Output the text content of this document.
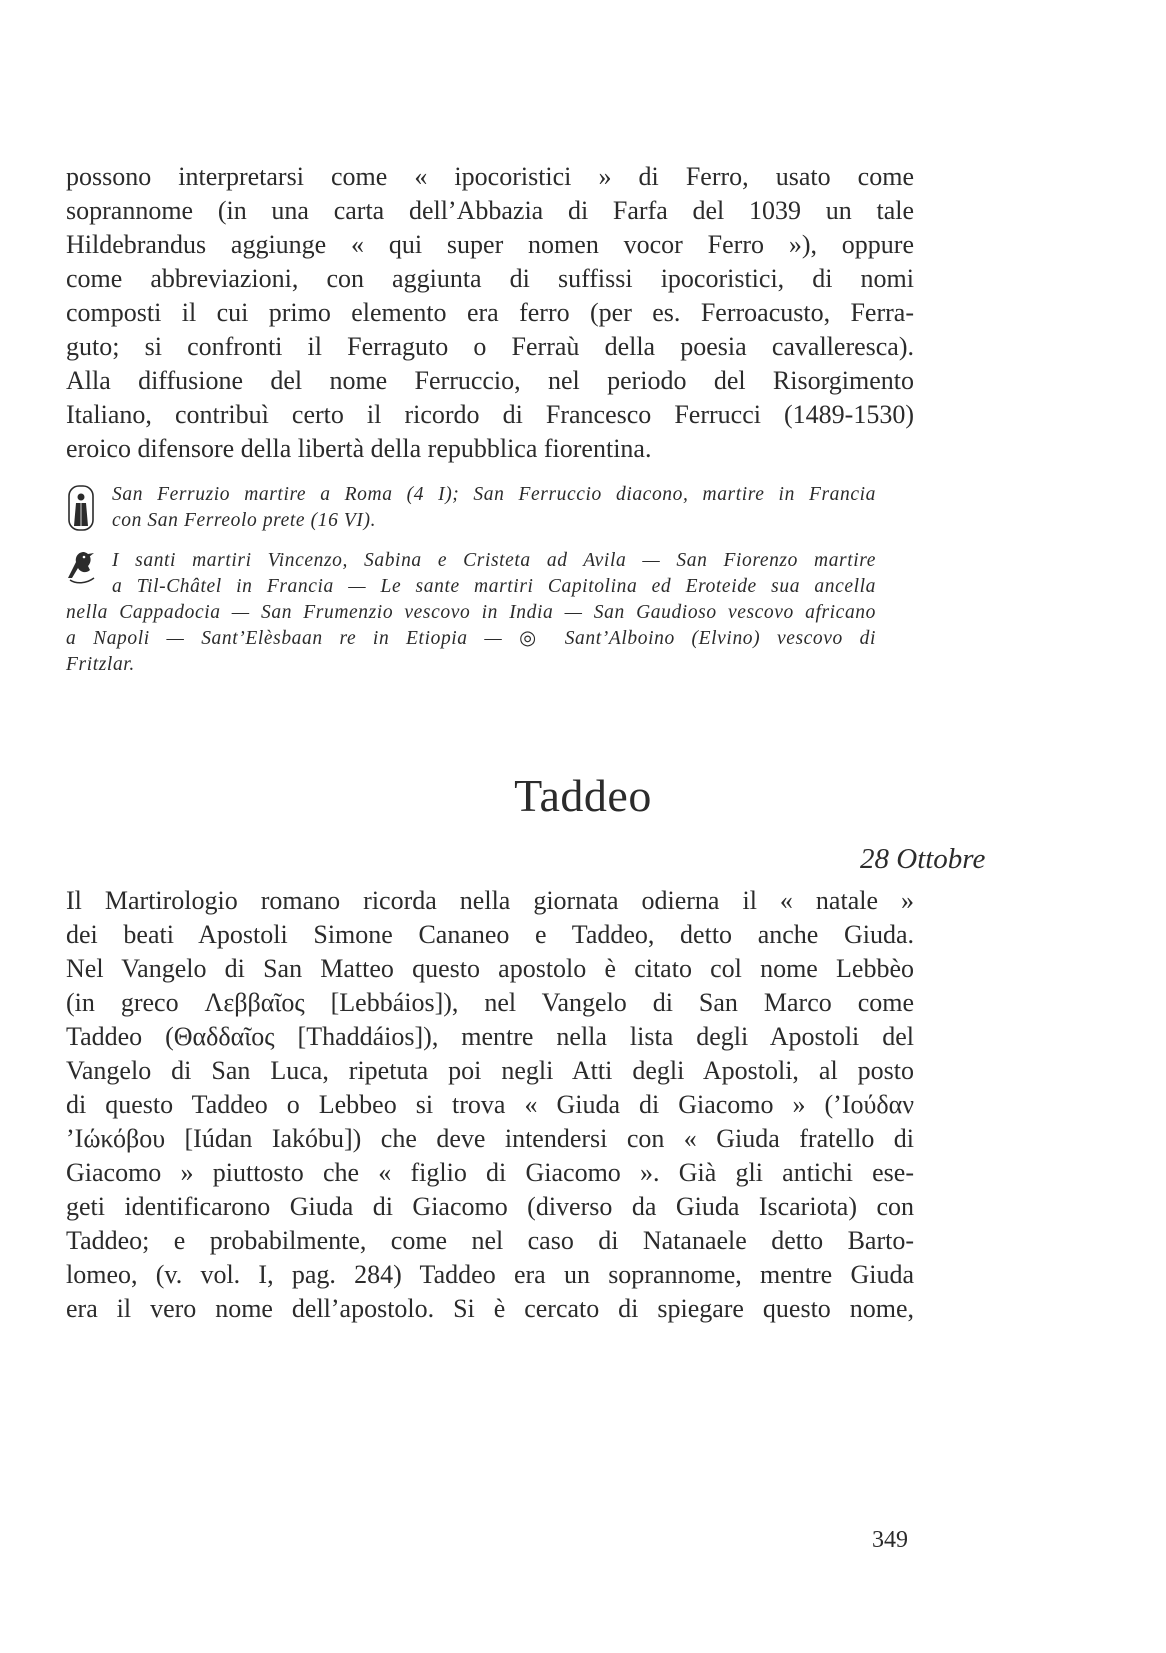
possono interpretarsi come « ipocoristici » di Ferro, usato come
soprannome (in una carta dell’Abbazia di Farfa del 1039 un tale
Hildebrandus aggiunge « qui super nomen vocor Ferro »), oppure
come abbreviazioni, con aggiunta di suffissi ipocoristici, di nomi
composti il cui primo elemento era ferro (per es. Ferroacusto, Ferra-
guto; si confronti il Ferraguto o Ferraù della poesia cavalleresca).
Alla diffusione del nome Ferruccio, nel periodo del Risorgimento
Italiano, contribuì certo il ricordo di Francesco Ferrucci (1489-1530)
eroico difensore della libertà della repubblica fiorentina.
San Ferruzio martire a Roma (4 I); San Ferruccio diacono, martire in Francia
con San Ferreolo prete (16 VI).
I santi martiri Vincenzo, Sabina e Cristeta ad Avila — San Fiorenzo martire
a Til-Châtel in Francia — Le sante martiri Capitolina ed Eroteide sua ancella
nella Cappadocia — San Frumenzio vescovo in India — San Gaudioso vescovo africano
a Napoli — Sant’Elèsbaan re in Etiopia — ◎ Sant’Alboino (Elvino) vescovo di
Fritzlar.
Taddeo
28 Ottobre
Il Martirologio romano ricorda nella giornata odierna il « natale »
dei beati Apostoli Simone Cananeo e Taddeo, detto anche Giuda.
Nel Vangelo di San Matteo questo apostolo è citato col nome Lebbèo
(in greco Λεββαῖος [Lebbáios]), nel Vangelo di San Marco come
Taddeo (Θαδδαῖος [Thaddáios]), mentre nella lista degli Apostoli del
Vangelo di San Luca, ripetuta poi negli Atti degli Apostoli, al posto
di questo Taddeo o Lebbeo si trova « Giuda di Giacomo » (’Ιούδαν
’Ιώκόβου [Iúdan Iakóbu]) che deve intendersi con « Giuda fratello di
Giacomo » piuttosto che « figlio di Giacomo ». Già gli antichi ese-
geti identificarono Giuda di Giacomo (diverso da Giuda Iscariota) con
Taddeo; e probabilmente, come nel caso di Natanaele detto Barto-
lomeo, (v. vol. I, pag. 284) Taddeo era un soprannome, mentre Giuda
era il vero nome dell’apostolo. Si è cercato di spiegare questo nome,
349
